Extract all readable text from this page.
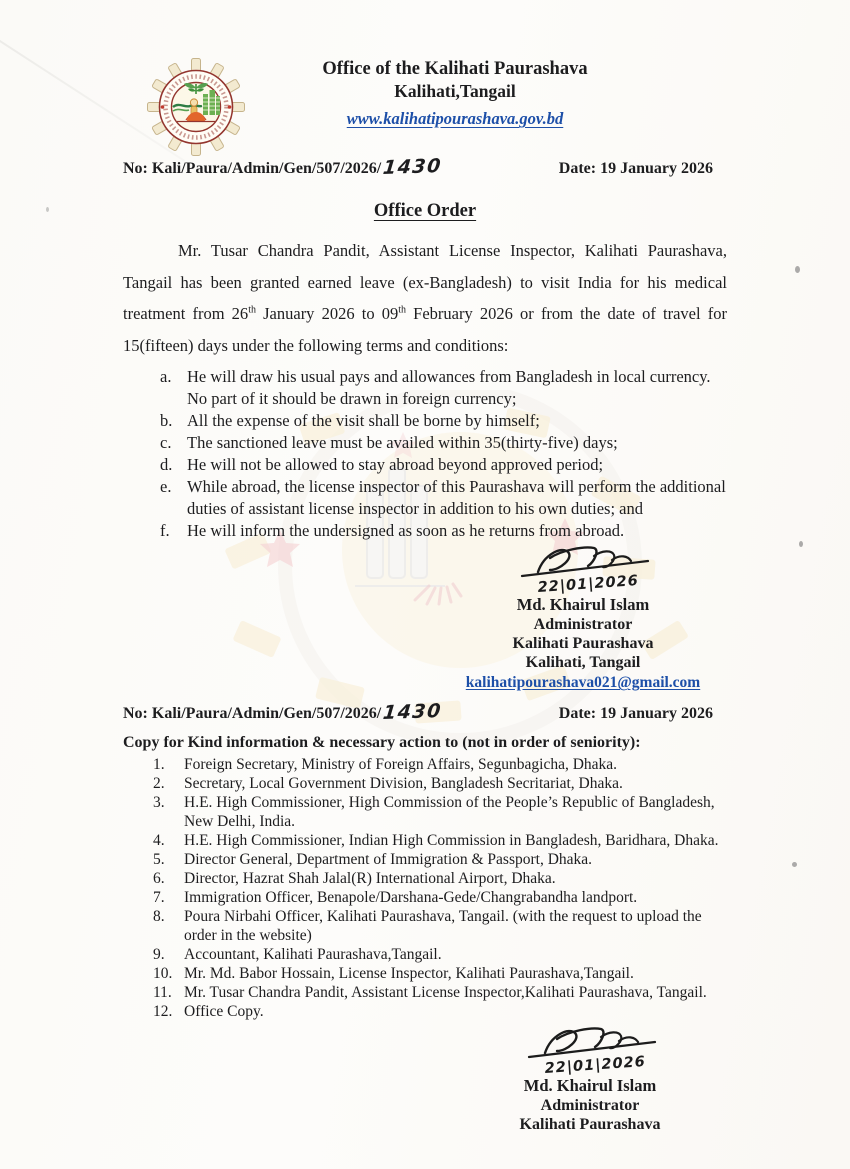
Office of the Kalihati Paurashava
Kalihati,Tangail
www.kalihatipourashava.gov.bd
No: Kali/Paura/Admin/Gen/507/2026/1430	Date: 19 January 2026
Office Order

Mr. Tusar Chandra Pandit, Assistant License Inspector, Kalihati Paurashava, Tangail has been granted earned leave (ex-Bangladesh) to visit India for his medical treatment from 26th January 2026 to 09th February 2026 or from the date of travel for 15(fifteen) days under the following terms and conditions:

a. He will draw his usual pays and allowances from Bangladesh in local currency. No part of it should be drawn in foreign currency;
b. All the expense of the visit shall be borne by himself;
c. The sanctioned leave must be availed within 35(thirty-five) days;
d. He will not be allowed to stay abroad beyond approved period;
e. While abroad, the license inspector of this Paurashava will perform the additional duties of assistant license inspector in addition to his own duties; and
f.	He will inform the undersigned as soon as he returns from abroad.
22|01|2026
Md. Khairul Islam
Administrator
Kalihati Paurashava
Kalihati, Tangail
kalihatipourashava021@gmail.com
No: Kali/Paura/Admin/Gen/507/2026/1430	Date: 19 January 2026
Copy for Kind information & necessary action to (not in order of seniority):
1.	Foreign Secretary, Ministry of Foreign Affairs, Segunbagicha, Dhaka.
2.	Secretary, Local Government Division, Bangladesh Secritariat, Dhaka.
3.	H.E. High Commissioner, High Commission of the People’s Republic of Bangladesh, New Delhi, India.
4.	H.E. High Commissioner, Indian High Commission in Bangladesh, Baridhara, Dhaka.
5.	Director General, Department of Immigration & Passport, Dhaka.
6.	Director, Hazrat Shah Jalal(R) International Airport, Dhaka.
7.	Immigration Officer, Benapole/Darshana-Gede/Changrabandha landport.
8.	Poura Nirbahi Officer, Kalihati Paurashava, Tangail. (with the request to upload the order in the website)
9.	Accountant, Kalihati Paurashava,Tangail.
10. Mr. Md. Babor Hossain, License Inspector, Kalihati Paurashava,Tangail.
11. Mr. Tusar Chandra Pandit, Assistant License Inspector,Kalihati Paurashava, Tangail.
12. Office Copy.
22|01|2026
Md. Khairul Islam
Administrator
Kalihati Paurashava
